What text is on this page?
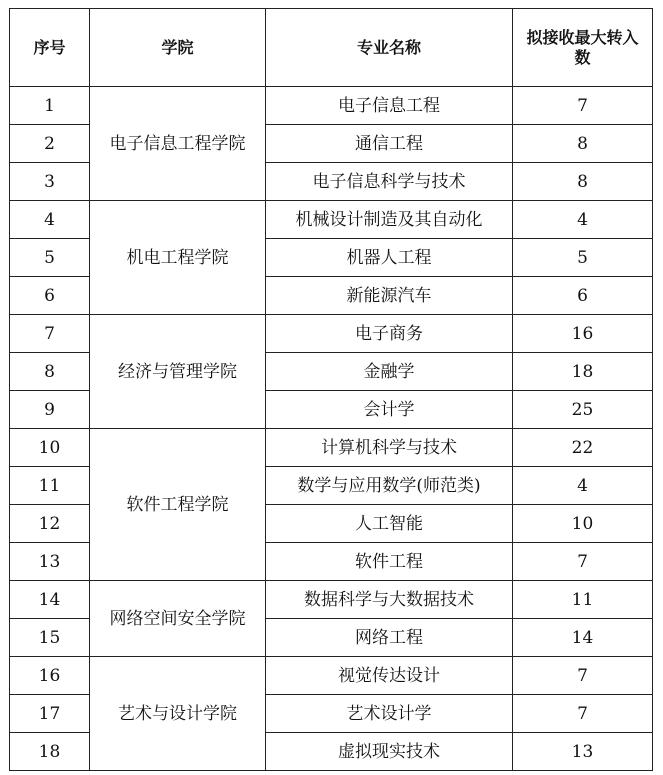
序号	学院	专业名称	拟接收最大转入数
1	电子信息工程学院	电子信息工程	7
2		通信工程	8
3		电子信息科学与技术	8
4	机电工程学院	机械设计制造及其自动化	4
5		机器人工程	5
6		新能源汽车	6
7	经济与管理学院	电子商务	16
8		金融学	18
9		会计学	25
10	软件工程学院	计算机科学与技术	22
11		数学与应用数学(师范类)	4
12		人工智能	10
13		软件工程	7
14	网络空间安全学院	数据科学与大数据技术	11
15		网络工程	14
16	艺术与设计学院	视觉传达设计	7
17		艺术设计学	7
18		虚拟现实技术	13
